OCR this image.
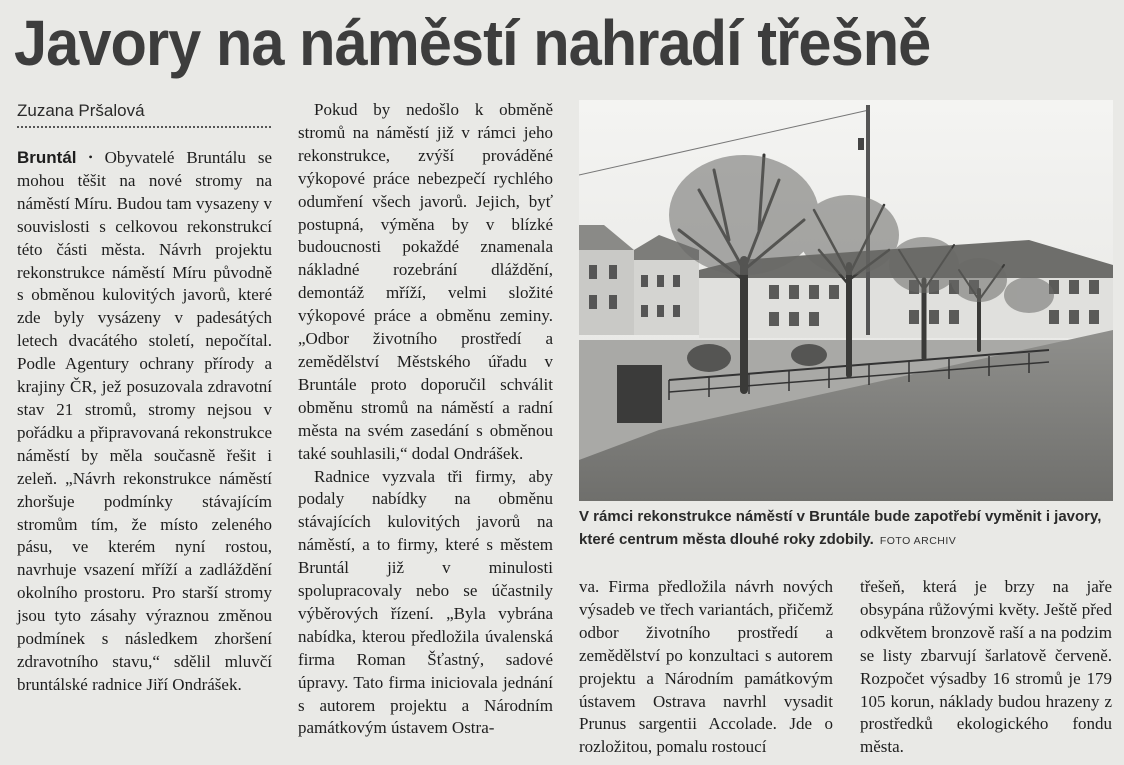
Javory na náměstí nahradí třešně
Zuzana Pršalová

Bruntál • Obyvatelé Bruntálu se mohou těšit na nové stromy na náměstí Míru. Budou tam vysazeny v souvislosti s celkovou rekonstrukcí této části města. Návrh projektu rekonstrukce náměstí Míru původně s obměnou kulovitých javorů, které zde byly vysázeny v padesátých letech dvacátého století, nepočítal. Podle Agentury ochrany přírody a krajiny ČR, jež posuzovala zdravotní stav 21 stromů, stromy nejsou v pořádku a připravovaná rekonstrukce náměstí by měla současně řešit i zeleň. „Návrh rekonstrukce náměstí zhoršuje podmínky stávajícím stromům tím, že místo zeleného pásu, ve kterém nyní rostou, navrhuje vsazení mříží a zadláždění okolního prostoru. Pro starší stromy jsou tyto zásahy výraznou změnou podmínek s následkem zhoršení zdravotního stavu,“ sdělil mluvčí bruntálské radnice Jiří Ondrášek.

Pokud by nedošlo k obměně stromů na náměstí již v rámci jeho rekonstrukce, zvýší prováděné výkopové práce nebezpečí rychlého odumření všech javorů. Jejich, byť postupná, výměna by v blízké budoucnosti pokaždé znamenala nákladné rozebrání dláždění, demontáž mříží, velmi složité výkopové práce a obměnu zeminy. „Odbor životního prostředí a zemědělství Městského úřadu v Bruntále proto doporučil schválit obměnu stromů na náměstí a radní města na svém zasedání s obměnou také souhlasili,“ dodal Ondrášek.

Radnice vyzvala tři firmy, aby podaly nabídky na obměnu stávajících kulovitých javorů na náměstí, a to firmy, které s městem Bruntál již v minulosti spolupracovaly nebo se účastnily výběrových řízení. „Byla vybrána nabídka, kterou předložila úvalenská firma Roman Šťastný, sadové úpravy. Tato firma iniciovala jednání s autorem projektu a Národním památkovým ústavem Ostra-

V rámci rekonstrukce náměstí v Bruntále bude zapotřebí vyměnit i javory, které centrum města dlouhé roky zdobily. FOTO ARCHIV

va. Firma předložila návrh nových výsadeb ve třech variantách, přičemž odbor životního prostředí a zemědělství po konzultaci s autorem projektu a Národním památkovým ústavem Ostrava navrhl vysadit Prunus sargentii Accolade. Jde o rozložitou, pomalu rostoucí

třešeň, která je brzy na jaře obsypána růžovými květy. Ještě před odkvětem bronzově raší a na podzim se listy zbarvují šarlatově červeně. Rozpočet výsadby 16 stromů je 179 105 korun, náklady budou hrazeny z prostředků ekologického fondu města.
